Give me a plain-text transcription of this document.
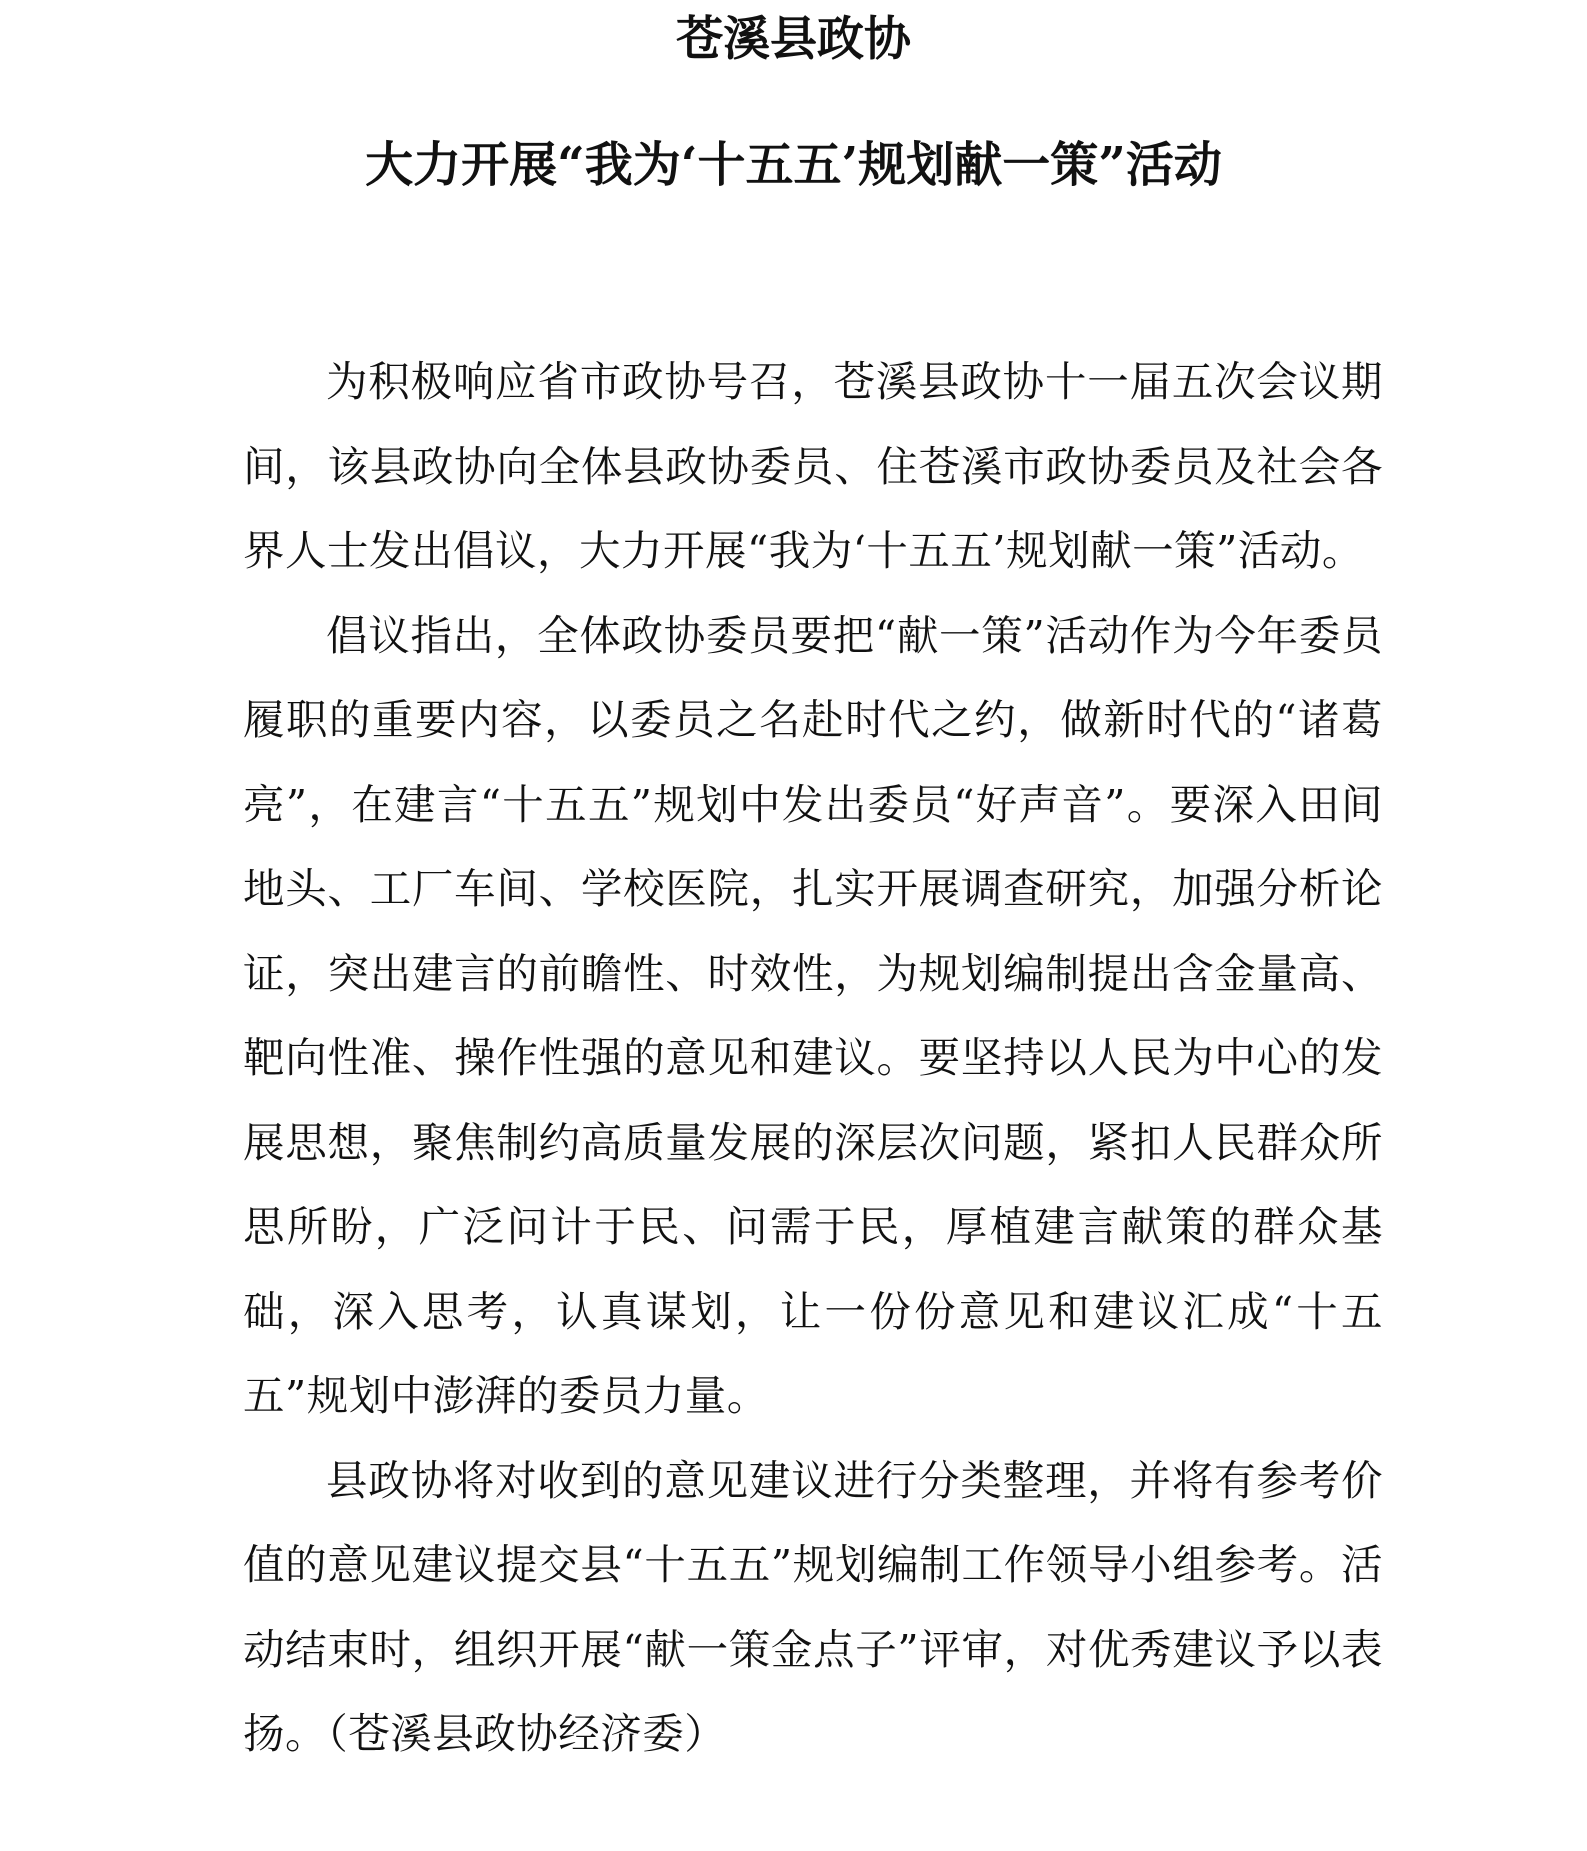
苍溪县政协
大力开展“我为‘十五五’规划献一策”活动

为积极响应省市政协号召，苍溪县政协十一届五次会议期间，该县政协向全体县政协委员、住苍溪市政协委员及社会各界人士发出倡议，大力开展“我为‘十五五’规划献一策”活动。

倡议指出，全体政协委员要把“献一策”活动作为今年委员履职的重要内容，以委员之名赴时代之约，做新时代的“诸葛亮”，在建言“十五五”规划中发出委员“好声音”。要深入田间地头、工厂车间、学校医院，扎实开展调查研究，加强分析论证，突出建言的前瞻性、时效性，为规划编制提出含金量高、靶向性准、操作性强的意见和建议。要坚持以人民为中心的发展思想，聚焦制约高质量发展的深层次问题，紧扣人民群众所思所盼，广泛问计于民、问需于民，厚植建言献策的群众基础，深入思考，认真谋划，让一份份意见和建议汇成“十五五”规划中澎湃的委员力量。

县政协将对收到的意见建议进行分类整理，并将有参考价值的意见建议提交县“十五五”规划编制工作领导小组参考。活动结束时，组织开展“献一策金点子”评审，对优秀建议予以表扬。（苍溪县政协经济委）
